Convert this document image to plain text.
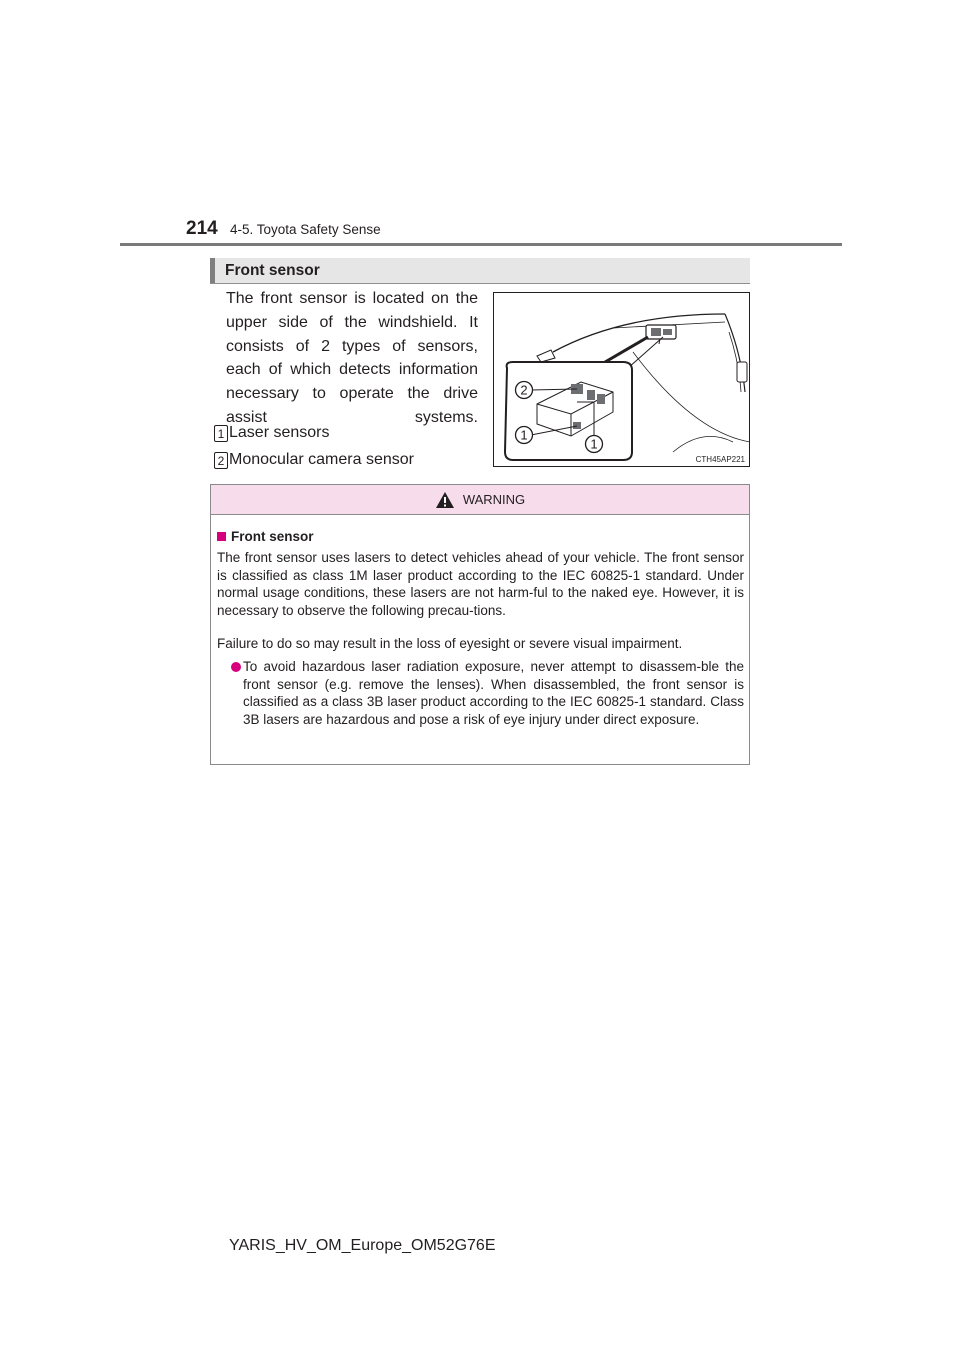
214 4-5. Toyota Safety Sense
Front sensor

The front sensor is located on the upper side of the windshield. It consists of 2 types of sensors, each of which detects information necessary to operate the drive assist systems.

1 Laser sensors
2 Monocular camera sensor
2
1
1
CTH45AP221
WARNING
Front sensor

The front sensor uses lasers to detect vehicles ahead of your vehicle. The front sensor is classified as class 1M laser product according to the IEC 60825-1 standard. Under normal usage conditions, these lasers are not harm-ful to the naked eye. However, it is necessary to observe the following precau-tions.

Failure to do so may result in the loss of eyesight or severe visual impairment.

To avoid hazardous laser radiation exposure, never attempt to disassem-ble the front sensor (e.g. remove the lenses). When disassembled, the front sensor is classified as a class 3B laser product according to the IEC 60825-1 standard. Class 3B lasers are hazardous and pose a risk of eye injury under direct exposure.

YARIS_HV_OM_Europe_OM52G76E
